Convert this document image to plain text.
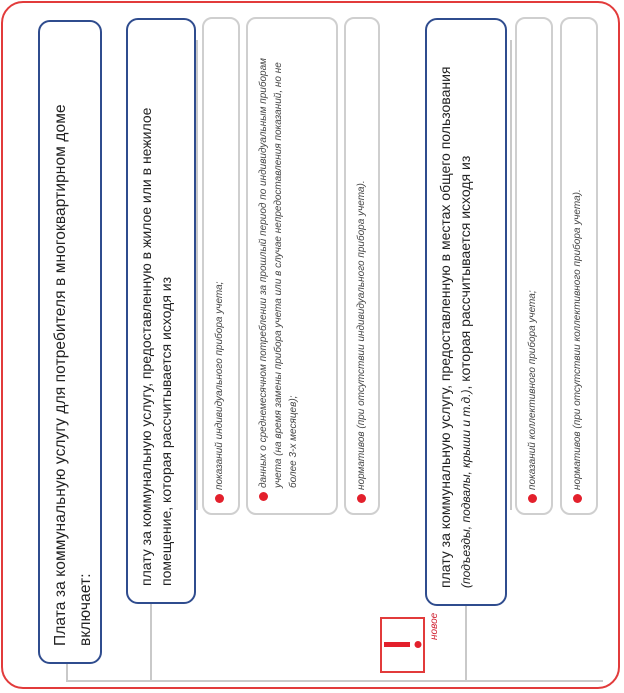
Плата за коммунальную услугу для потребителя в многоквартирном доме включает:
плату за коммунальную услугу, предоставленную в жилое или в нежилое помещение, которая рассчитывается исходя из	показаний индивидуального прибора учета;	данных о среднемесячном потреблении за прошлый период по индивидуальным приборам учета (на время замены прибора учета или в случае непредоставления показаний, но не более 3-х месяцев);	нормативов (при отсутствии индивидуального прибора учета).	плату за коммунальную услугу, предоставленную в местах общего пользования (подъезды, подвалы, крыши и т.д.), которая рассчитывается исходя из
показаний коллективного прибора учета;	нормативов (при отсутствии коллективного прибора учета).
новое
